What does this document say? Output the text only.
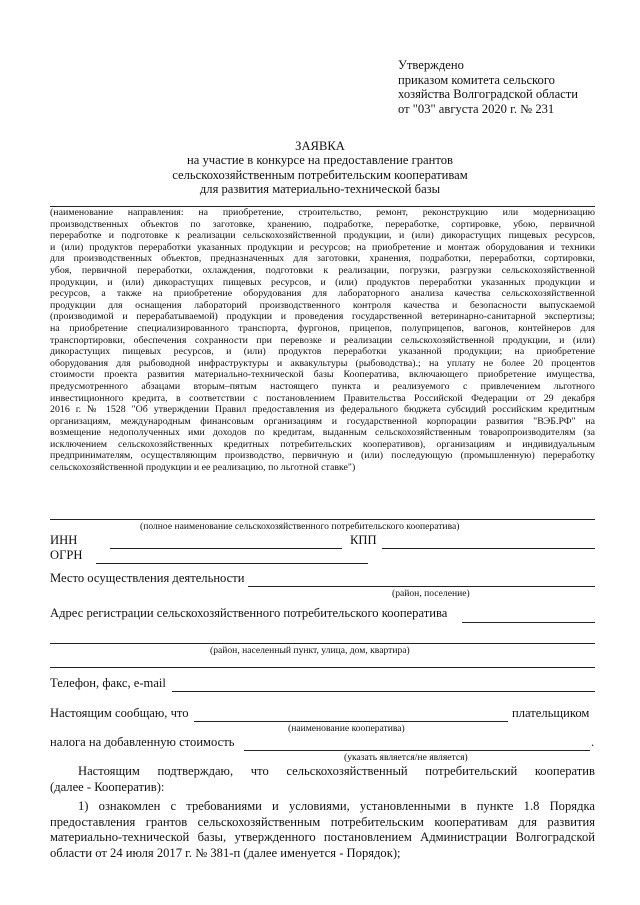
Утверждено
приказом комитета сельского
хозяйства Волгоградской области
от "03" августа 2020 г. № 231
ЗАЯВКА
на участие в конкурсе на предоставление грантов
сельскохозяйственным потребительским кооперативам
для развития материально-технической базы
(наименование направления: на приобретение, строительство, ремонт, реконструкцию или модернизацию
производственных объектов по заготовке, хранению, подработке, переработке, сортировке, убою, первичной
переработке и подготовке к реализации сельскохозяйственной продукции, и (или) дикорастущих пищевых ресурсов,
и (или) продуктов переработки указанных продукции и ресурсов; на приобретение и монтаж оборудования и техники
для производственных объектов, предназначенных для заготовки, хранения, подработки, переработки, сортировки,
убоя, первичной переработки, охлаждения, подготовки к реализации, погрузки, разгрузки сельскохозяйственной
продукции, и (или) дикорастущих пищевых ресурсов, и (или) продуктов переработки указанных продукции и
ресурсов, а также на приобретение оборудования для лабораторного анализа качества сельскохозяйственной
продукции для оснащения лабораторий производственного контроля качества и безопасности выпускаемой
(производимой и перерабатываемой) продукции и проведения государственной ветеринарно-санитарной экспертизы;
на приобретение специализированного транспорта, фургонов, прицепов, полуприцепов, вагонов, контейнеров для
транспортировки, обеспечения сохранности при перевозке и реализации сельскохозяйственной продукции, и (или)
дикорастущих пищевых ресурсов, и (или) продуктов переработки указанной продукции; на приобретение
оборудования для рыбоводной инфраструктуры и аквакультуры (рыбоводства).; на уплату не более 20 процентов
стоимости проекта развития материально-технической базы Кооператива, включающего приобретение имущества,
предусмотренного абзацами вторым–пятым настоящего пункта и реализуемого с привлечением льготного
инвестиционного кредита, в соответствии с постановлением Правительства Российской Федерации от 29 декабря
2016 г. № 1528 "Об утверждении Правил предоставления из федерального бюджета субсидий российским кредитным
организациям, международным финансовым организациям и государственной корпорации развития "ВЭБ.РФ" на
возмещение недополученных ими доходов по кредитам, выданным сельскохозяйственным товаропроизводителям (за
исключением сельскохозяйственных кредитных потребительских кооперативов), организациям и индивидуальным
предпринимателям, осуществляющим производство, первичную и (или) последующую (промышленную) переработку
сельскохозяйственной продукции и ее реализацию, по льготной ставке")
(полное наименование сельскохозяйственного потребительского кооператива)
ИНН	КПП
ОГРН
Место осуществления деятельности
(район, поселение)
Адрес регистрации сельскохозяйственного потребительского кооператива
(район, населенный пункт, улица, дом, квартира)
Телефон, факс, e-mail
Настоящим сообщаю, что	плательщиком
(наименование кооператива)
налога на добавленную стоимость	.
(указать является/не является)
Настоящим подтверждаю, что сельскохозяйственный потребительский кооператив
(далее - Кооператив):
1) ознакомлен с требованиями и условиями, установленными в пункте 1.8 Порядка
предоставления грантов сельскохозяйственным потребительским кооперативам для развития
материально-технической базы, утвержденного постановлением Администрации Волгоградской
области от 24 июля 2017 г. № 381-п (далее именуется - Порядок);
